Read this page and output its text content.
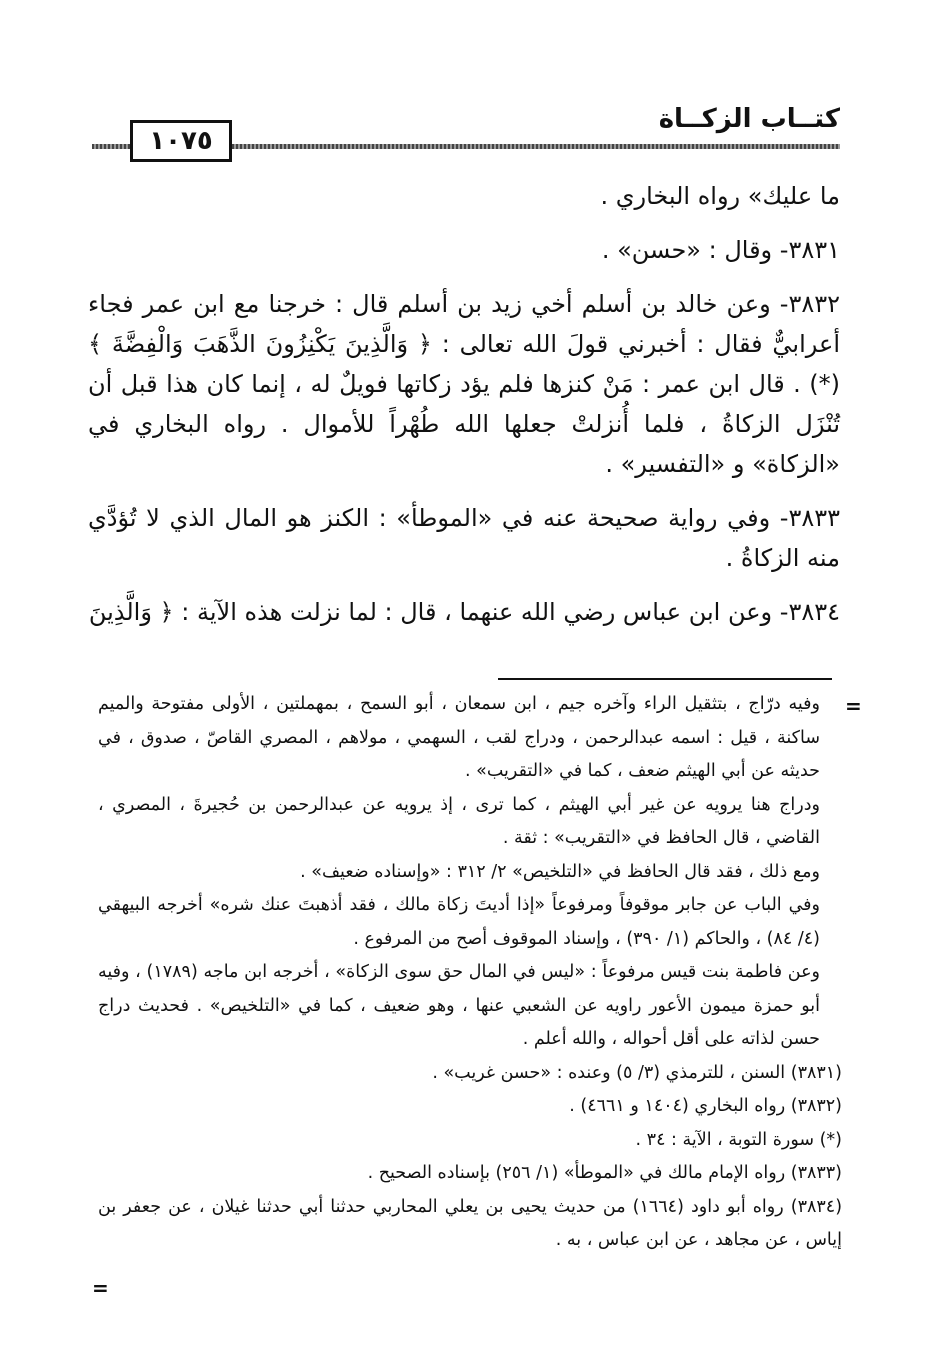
كتــاب الزكــاة
١٠٧٥

ما عليك» رواه البخاري .

٣٨٣١- وقال : «حسن» .

٣٨٣٢- وعن خالد بن أسلم أخي زيد بن أسلم قال : خرجنا مع ابن عمر فجاء أعرابيٌّ فقال : أخبرني قولَ الله تعالى : ﴿ وَالَّذِينَ يَكْنِزُونَ الذَّهَبَ وَالْفِضَّةَ ﴾(*) . قال ابن عمر : مَنْ كنزها فلم يؤد زكاتها فويلٌ له ، إنما كان هذا قبل أن تُنْزَل الزكاةُ ، فلما أُنزلتْ جعلها الله طُهْراً للأموال . رواه البخاري في «الزكاة» و «التفسير» .

٣٨٣٣- وفي رواية صحيحة عنه في «الموطأ» : الكنز هو المال الذي لا تُؤدَّي منه الزكاةُ .

٣٨٣٤- وعن ابن عباس رضي الله عنهما ، قال : لما نزلت هذه الآية : ﴿ وَالَّذِينَ

=

وفيه درّاج ، بتثقيل الراء وآخره جيم ، ابن سمعان ، أبو السمح ، بمهملتين ، الأولى مفتوحة والميم ساكنة ، قيل : اسمه عبدالرحمن ، ودراج لقب ، السهمي ، مولاهم ، المصري القاصّ ، صدوق ، في حديثه عن أبي الهيثم ضعف ، كما في «التقريب» .

ودراج هنا يرويه عن غير أبي الهيثم ، كما ترى ، إذ يرويه عن عبدالرحمن بن حُجيرةَ ، المصري ، القاضي ، قال الحافظ في «التقريب» : ثقة .

ومع ذلك ، فقد قال الحافظ في «التلخيص» ٢/ ٣١٢ : «وإسناده ضعيف» .

وفي الباب عن جابر موقوفاً ومرفوعاً «إذا أديتَ زكاة مالك ، فقد أذهبتَ عنك شره» أخرجه البيهقي (٤/ ٨٤) ، والحاكم (١/ ٣٩٠) ، وإسناد الموقوف أصح من المرفوع .

وعن فاطمة بنت قيس مرفوعاً : «ليس في المال حق سوى الزكاة» ، أخرجه ابن ماجه (١٧٨٩) ، وفيه أبو حمزة ميمون الأعور راويه عن الشعبي عنها ، وهو ضعيف ، كما في «التلخيص» . فحديث دراج حسن لذاته على أقل أحواله ، والله أعلم .

(٣٨٣١) السنن ، للترمذي (٣/ ٥) وعنده : «حسن غريب» .

(٣٨٣٢) رواه البخاري (١٤٠٤ و ٤٦٦١) .

(*) سورة التوبة ، الآية : ٣٤ .

(٣٨٣٣) رواه الإمام مالك في «الموطأ» (١/ ٢٥٦) بإسناده الصحيح .

(٣٨٣٤) رواه أبو داود (١٦٦٤) من حديث يحيى بن يعلي المحاربي حدثنا أبي حدثنا غيلان ، عن جعفر بن إياس ، عن مجاهد ، عن ابن عباس ، به .

=
